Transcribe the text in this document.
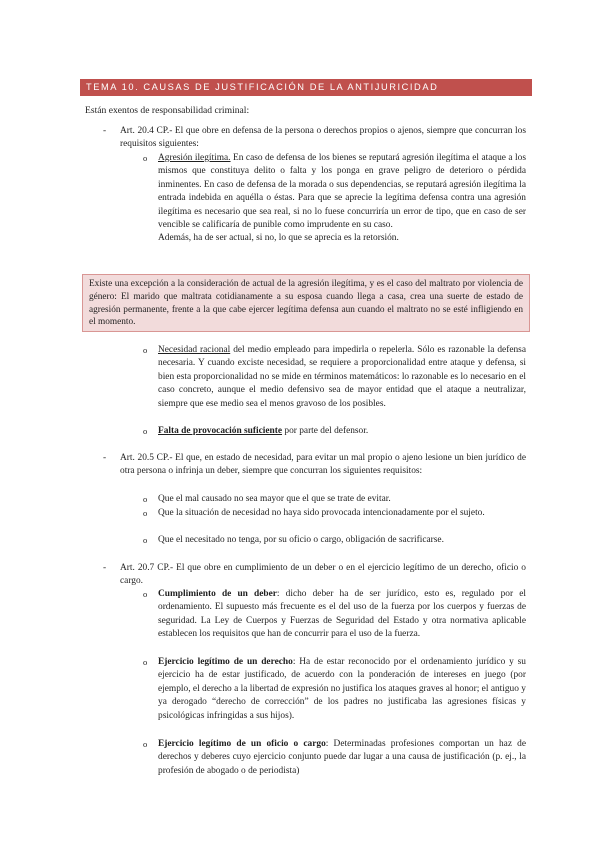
TEMA 10. CAUSAS DE JUSTIFICACIÓN DE LA ANTIJURICIDAD
Están exentos de responsabilidad criminal:
- Art. 20.4 CP.- El que obre en defensa de la persona o derechos propios o ajenos, siempre que concurran los requisitos siguientes:
o Agresión ilegítima. En caso de defensa de los bienes se reputará agresión ilegítima el ataque a los mismos que constituya delito o falta y los ponga en grave peligro de deterioro o pérdida inminentes. En caso de defensa de la morada o sus dependencias, se reputará agresión ilegítima la entrada indebida en aquélla o éstas. Para que se aprecie la legítima defensa contra una agresión ilegítima es necesario que sea real, si no lo fuese concurriría un error de tipo, que en caso de ser vencible se calificaría de punible como imprudente en su caso.

Además, ha de ser actual, si no, lo que se aprecia es la retorsión.

Existe una excepción a la consideración de actual de la agresión ilegítima, y es el caso del maltrato por violencia de género: El marido que maltrata cotidianamente a su esposa cuando llega a casa, crea una suerte de estado de agresión permanente, frente a la que cabe ejercer legítima defensa aun cuando el maltrato no se esté infligiendo en el momento.
o Necesidad racional del medio empleado para impedirla o repelerla. Sólo es razonable la defensa necesaria. Y cuando exciste necesidad, se requiere a proporcionalidad entre ataque y defensa, si bien esta proporcionalidad no se mide en términos matemáticos: lo razonable es lo necesario en el caso concreto, aunque el medio defensivo sea de mayor entidad que el ataque a neutralizar, siempre que ese medio sea el menos gravoso de los posibles.

o Falta de provocación suficiente por parte del defensor.

- Art. 20.5 CP.- El que, en estado de necesidad, para evitar un mal propio o ajeno lesione un bien jurídico de otra persona o infrinja un deber, siempre que concurran los siguientes requisitos:
o Que el mal causado no sea mayor que el que se trate de evitar.
o Que la situación de necesidad no haya sido provocada intencionadamente por el sujeto.
o Que el necesitado no tenga, por su oficio o cargo, obligación de sacrificarse.
- Art. 20.7 CP.- El que obre en cumplimiento de un deber o en el ejercicio legítimo de un derecho, oficio o cargo.
o Cumplimiento de un deber: dicho deber ha de ser jurídico, esto es, regulado por el ordenamiento. El supuesto más frecuente es el del uso de la fuerza por los cuerpos y fuerzas de seguridad. La Ley de Cuerpos y Fuerzas de Seguridad del Estado y otra normativa aplicable establecen los requisitos que han de concurrir para el uso de la fuerza.

o Ejercicio legítimo de un derecho: Ha de estar reconocido por el ordenamiento jurídico y su ejercicio ha de estar justificado, de acuerdo con la ponderación de intereses en juego (por ejemplo, el derecho a la libertad de expresión no justifica los ataques graves al honor; el antiguo y ya derogado “derecho de corrección” de los padres no justificaba las agresiones físicas y psicológicas infringidas a sus hijos).

o Ejercicio legítimo de un oficio o cargo: Determinadas profesiones comportan un haz de derechos y deberes cuyo ejercicio conjunto puede dar lugar a una causa de justificación (p. ej., la profesión de abogado o de periodista)
